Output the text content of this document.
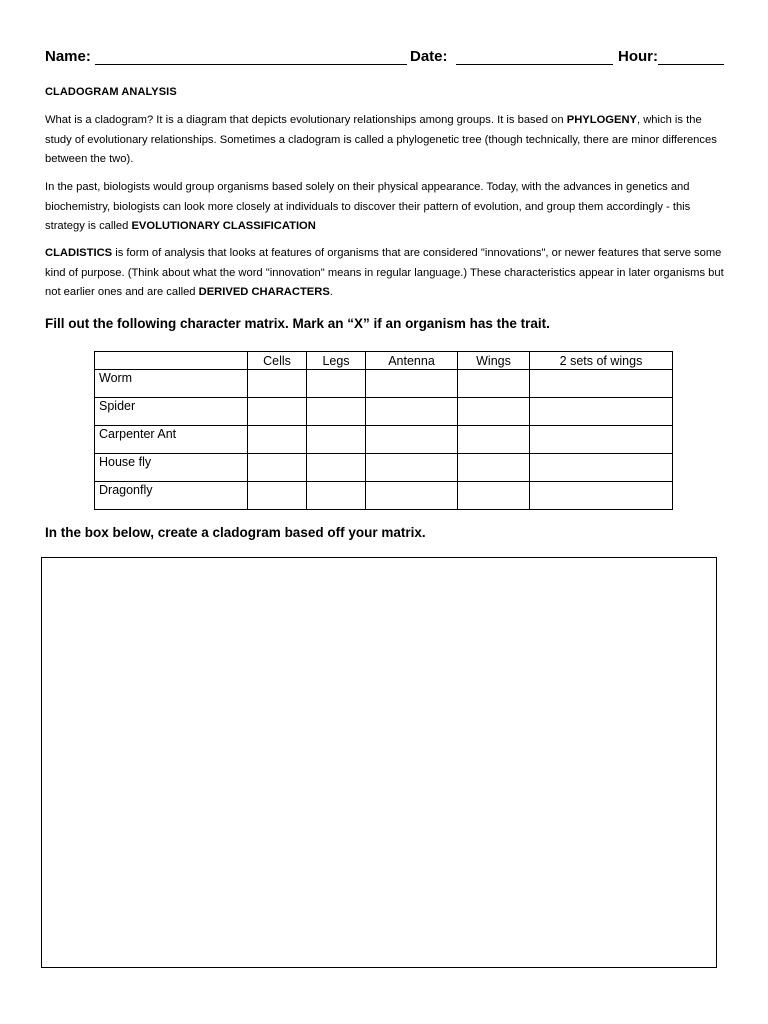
Name:	Date:	Hour:
CLADOGRAM ANALYSIS
What is a cladogram? It is a diagram that depicts evolutionary relationships among groups. It is based on PHYLOGENY, which is the study of evolutionary relationships. Sometimes a cladogram is called a phylogenetic tree (though technically, there are minor differences between the two).
In the past, biologists would group organisms based solely on their physical appearance. Today, with the advances in genetics and biochemistry, biologists can look more closely at individuals to discover their pattern of evolution, and group them accordingly - this strategy is called EVOLUTIONARY CLASSIFICATION
CLADISTICS is form of analysis that looks at features of organisms that are considered "innovations", or newer features that serve some kind of purpose. (Think about what the word "innovation" means in regular language.) These characteristics appear in later organisms but not earlier ones and are called DERIVED CHARACTERS.
Fill out the following character matrix. Mark an “X” if an organism has the trait.
	Cells	Legs	Antenna	Wings	2 sets of wings
Worm					
Spider					
Carpenter Ant					
House fly					
Dragonfly					
In the box below, create a cladogram based off your matrix.
